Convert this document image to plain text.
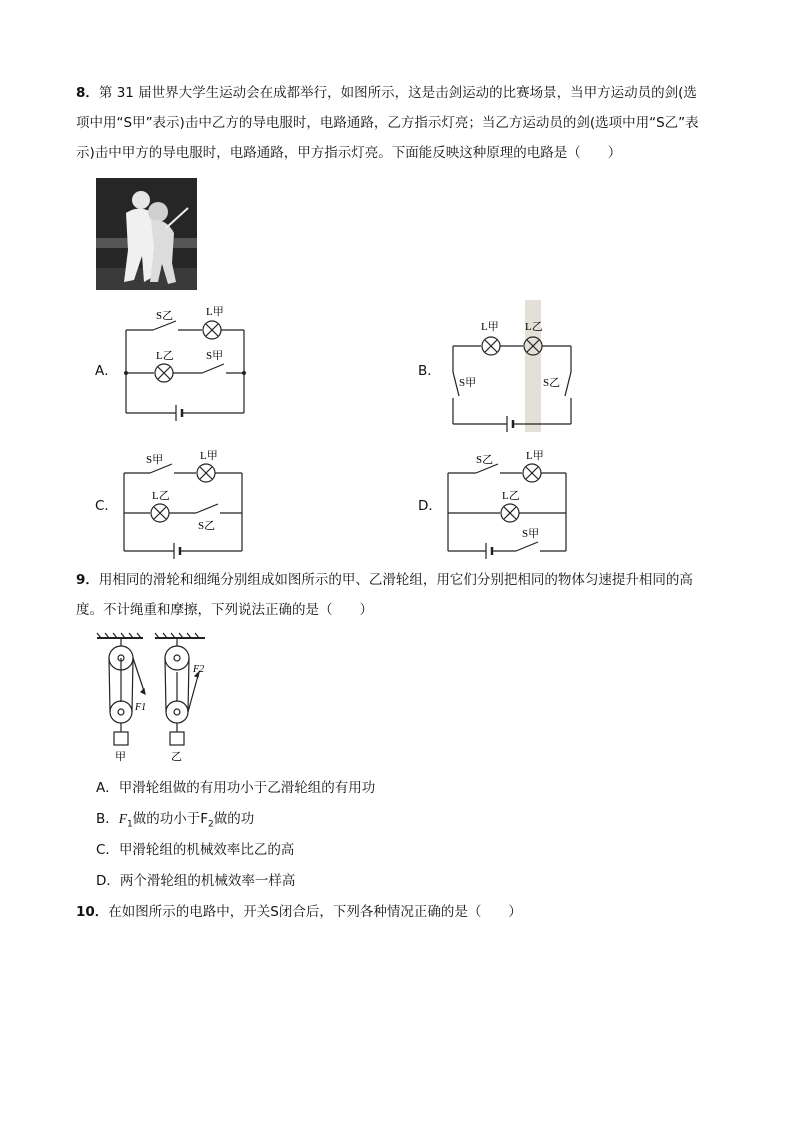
8．第 31 届世界大学生运动会在成都举行，如图所示，这是击剑运动的比赛场景，当甲方运动员的剑(选
项中用“S甲”表示)击中乙方的导电服时，电路通路，乙方指示灯亮；当乙方运动员的剑(选项中用“S乙”表
示)击中甲方的导电服时，电路通路，甲方指示灯亮。下面能反映这种原理的电路是（　　）
S乙	L甲
L乙	S甲
A．
L甲 L乙
S甲	S乙
B．
S甲	L甲
L乙
S乙
C．
S乙	L甲
L乙
S甲
D．
9．用相同的滑轮和细绳分别组成如图所示的甲、乙滑轮组，用它们分别把相同的物体匀速提升相同的高
度。不计绳重和摩擦，下列说法正确的是（　　）
F1
F2
甲	乙
A．甲滑轮组做的有用功小于乙滑轮组的有用功
B．$F_1$做的功小于$F_2$做的功
C．甲滑轮组的机械效率比乙的高
D．两个滑轮组的机械效率一样高
10．在如图所示的电路中，开关S闭合后，下列各种情况正确的是（　　）
